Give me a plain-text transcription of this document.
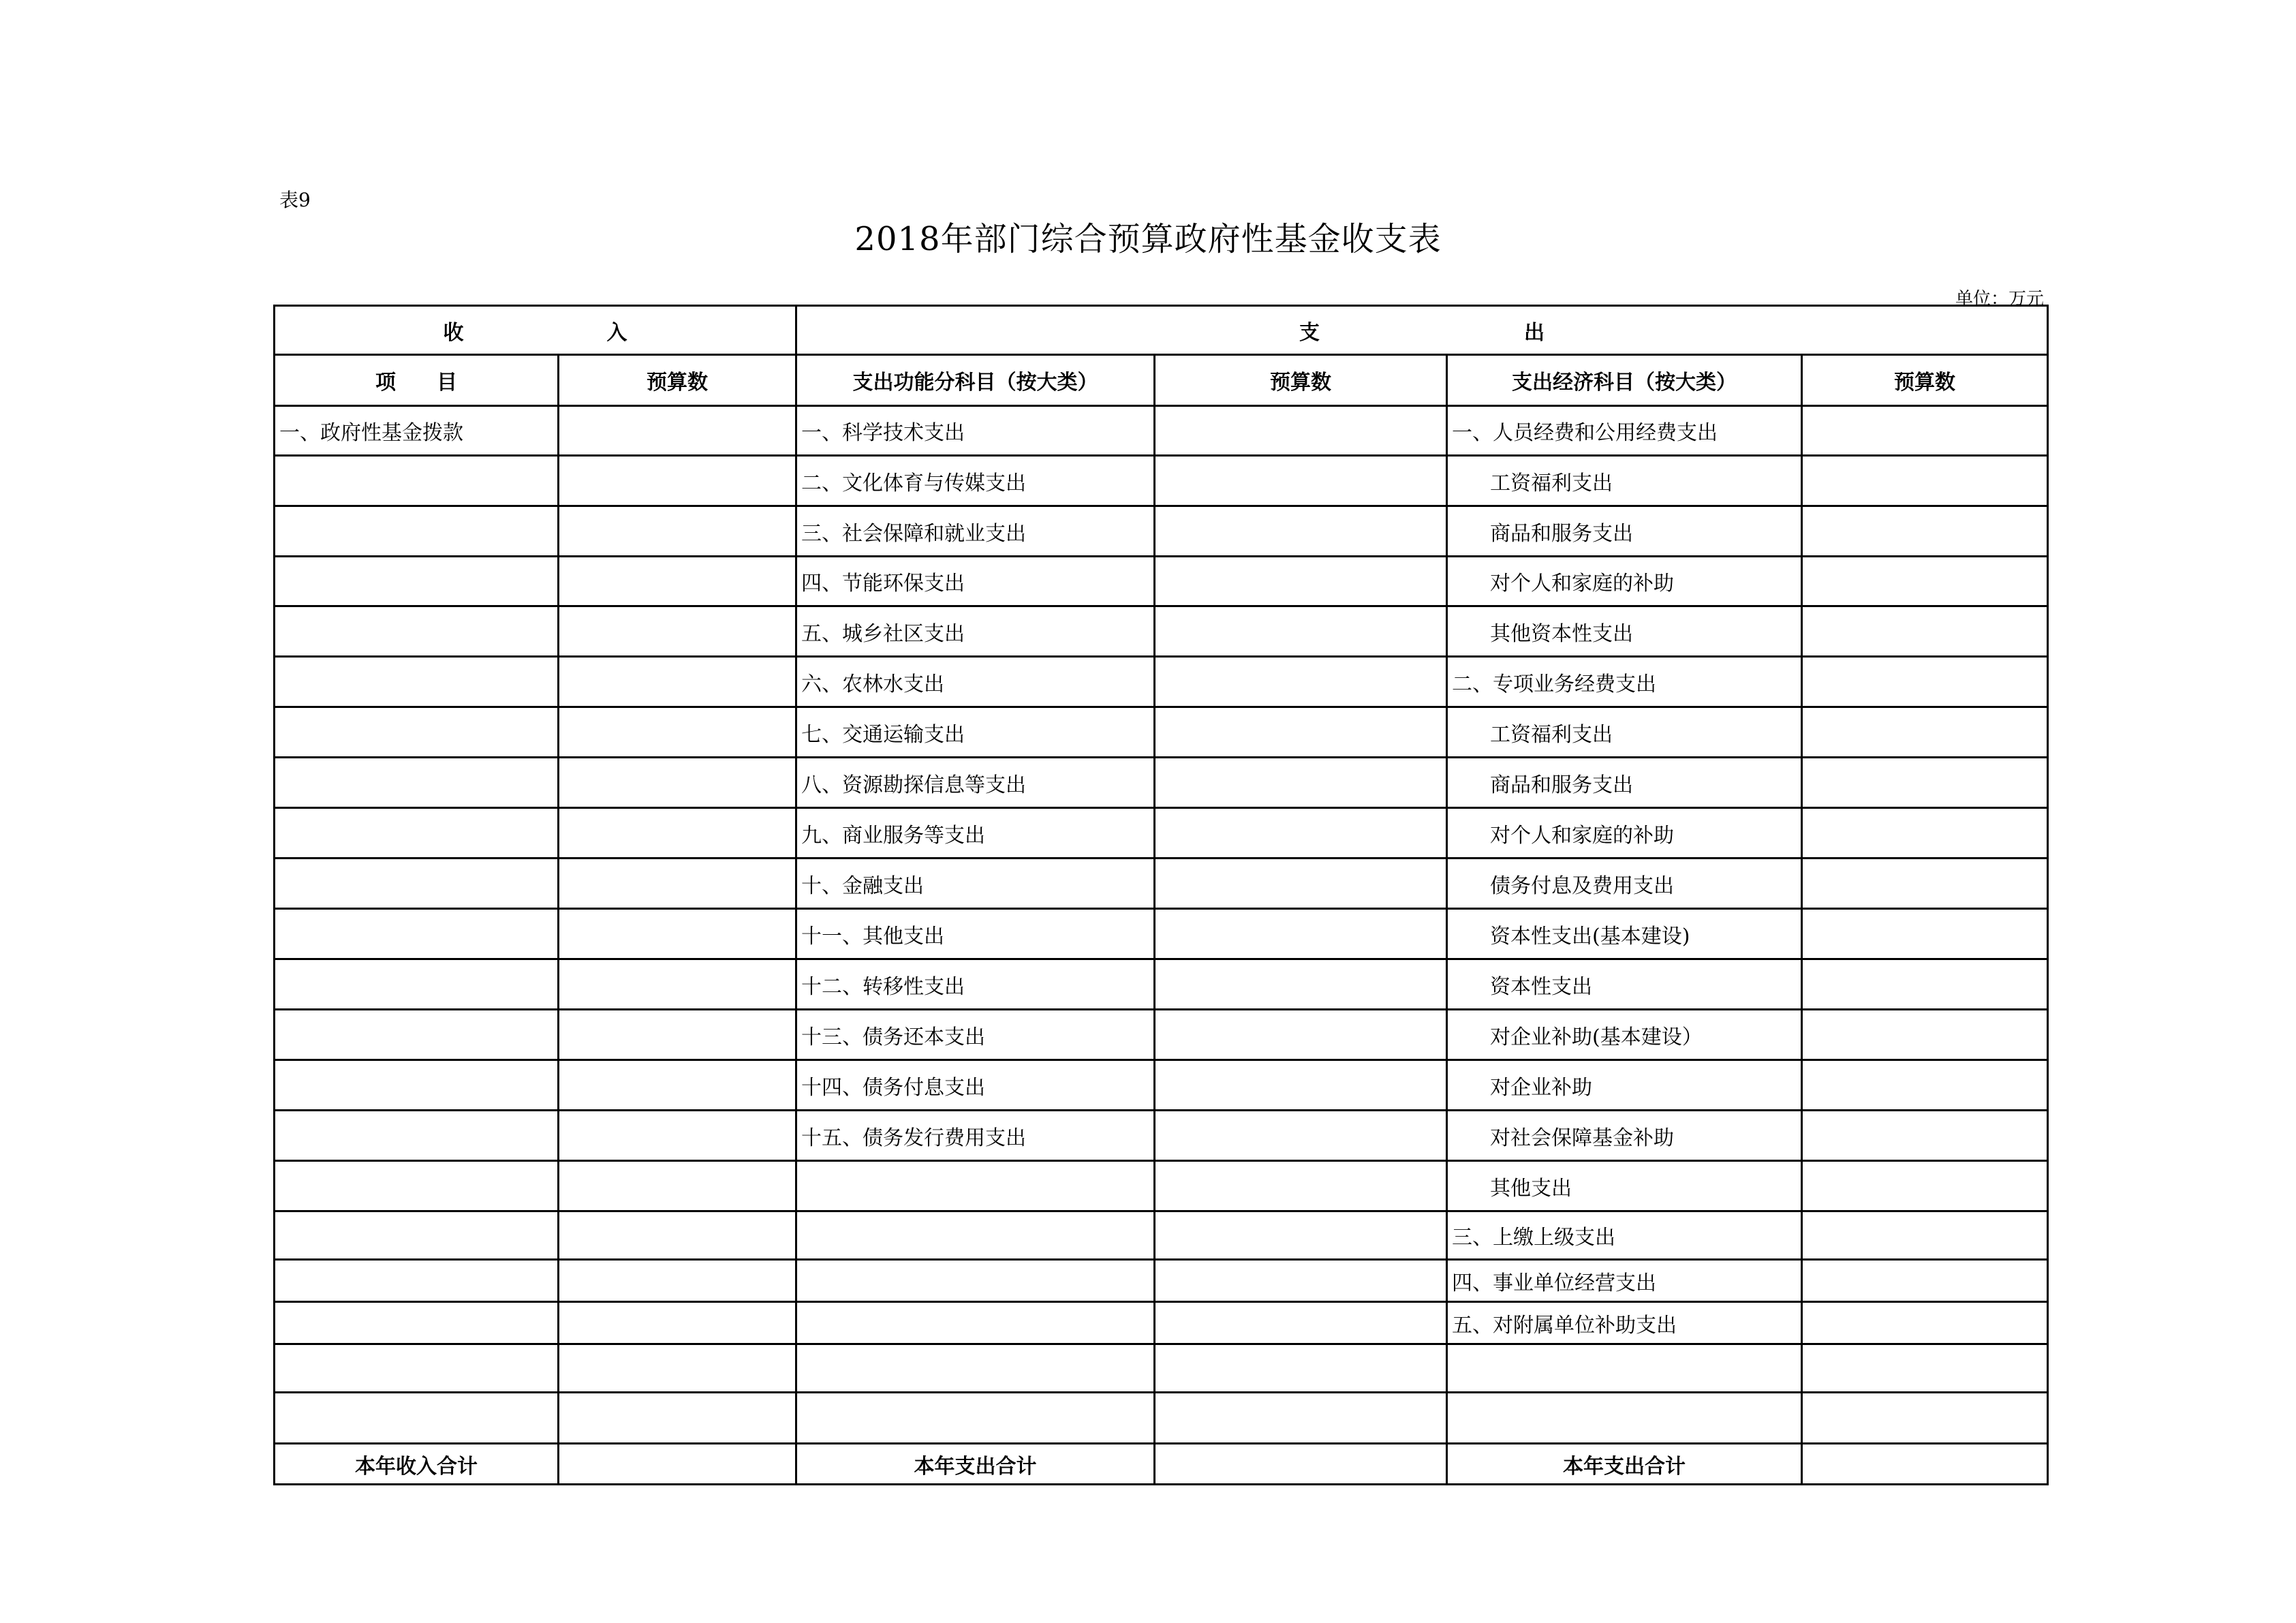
表9
2018年部门综合预算政府性基金收支表
单位：万元
收　　　　　　　入		支　　　　　　　　　　出			
项　　目	预算数	支出功能分科目（按大类）	预算数	支出经济科目（按大类）	预算数
一、政府性基金拨款		一、科学技术支出		一、人员经费和公用经费支出	
		二、文化体育与传媒支出		工资福利支出	
		三、社会保障和就业支出		商品和服务支出	
		四、节能环保支出		对个人和家庭的补助	
		五、城乡社区支出		其他资本性支出	
		六、农林水支出		二、专项业务经费支出	
		七、交通运输支出		工资福利支出	
		八、资源勘探信息等支出		商品和服务支出	
		九、商业服务等支出		对个人和家庭的补助	
		十、金融支出		债务付息及费用支出	
		十一、其他支出		资本性支出(基本建设)	
		十二、转移性支出		资本性支出	
		十三、债务还本支出		对企业补助(基本建设）	
		十四、债务付息支出		对企业补助	
		十五、债务发行费用支出		对社会保障基金补助	
				其他支出	
				三、上缴上级支出	
				四、事业单位经营支出	
				五、对附属单位补助支出	

本年收入合计		本年支出合计		本年支出合计	
